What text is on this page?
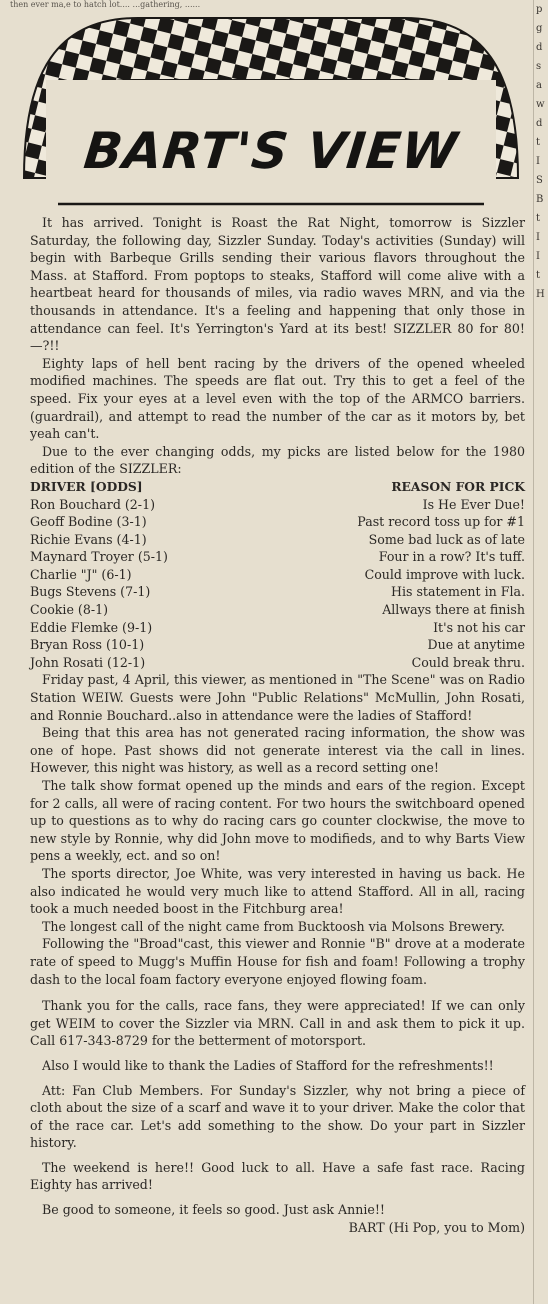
then ever ma,e to hatch lot.... ...gathering, ......	p
g
d
s
a
w
d
t
I
S
B
t
I
I
t
H
BART'S VIEW

It has arrived. Tonight is Roast the Rat Night, tomorrow is Sizzler Saturday, the following day, Sizzler Sunday. Today's activities (Sunday) will begin with Barbeque Grills sending their various flavors throughout the Mass. at Stafford. From poptops to steaks, Stafford will come alive with a heartbeat heard for thousands of miles, via radio waves MRN, and via the thousands in attendance. It's a feeling and happening that only those in attendance can feel. It's Yerrington's Yard at its best! SIZZLER 80 for 80!—?!!

Eighty laps of hell bent racing by the drivers of the opened wheeled modified machines. The speeds are flat out. Try this to get a feel of the speed. Fix your eyes at a level even with the top of the ARMCO barriers. (guardrail), and attempt to read the number of the car as it motors by, bet yeah can't.

Due to the ever changing odds, my picks are listed below for the 1980 edition of the SIZZLER:

DRIVER [ODDS]	REASON FOR PICK
Ron Bouchard (2-1)	Is He Ever Due!
Geoff Bodine (3-1)	Past record toss up for #1
Richie Evans (4-1)	Some bad luck as of late
Maynard Troyer (5-1)	Four in a row? It's tuff.
Charlie "J" (6-1)	Could improve with luck.
Bugs Stevens (7-1)	His statement in Fla.
Cookie (8-1)	Allways there at finish
Eddie Flemke (9-1)	It's not his car
Bryan Ross (10-1)	Due at anytime
John Rosati (12-1)	Could break thru.

Friday past, 4 April, this viewer, as mentioned in "The Scene" was on Radio Station WEIW. Guests were John "Public Relations" McMullin, John Rosati, and Ronnie Bouchard..also in attendance were the ladies of Stafford!

Being that this area has not generated racing information, the show was one of hope. Past shows did not generate interest via the call in lines. However, this night was history, as well as a record setting one!

The talk show format opened up the minds and ears of the region. Except for 2 calls, all were of racing content. For two hours the switchboard opened up to questions as to why do racing cars go counter clockwise, the move to new style by Ronnie, why did John move to modifieds, and to why Barts View pens a weekly, ect. and so on!

The sports director, Joe White, was very interested in having us back. He also indicated he would very much like to attend Stafford. All in all, racing took a much needed boost in the Fitchburg area!

The longest call of the night came from Bucktoosh via Molsons Brewery.

Following the "Broad"cast, this viewer and Ronnie "B" drove at a moderate rate of speed to Mugg's Muffin House for fish and foam! Following a trophy dash to the local foam factory everyone enjoyed flowing foam.

Thank you for the calls, race fans, they were appreciated! If we can only get WEIM to cover the Sizzler via MRN. Call in and ask them to pick it up. Call 617-343-8729 for the betterment of motorsport.

Also I would like to thank the Ladies of Stafford for the refreshments!!

Att: Fan Club Members. For Sunday's Sizzler, why not bring a piece of cloth about the size of a scarf and wave it to your driver. Make the color that of the race car. Let's add something to the show. Do your part in Sizzler history.

The weekend is here!! Good luck to all. Have a safe fast race. Racing Eighty has arrived!

Be good to someone, it feels so good. Just ask Annie!!

BART (Hi Pop, you to Mom)
